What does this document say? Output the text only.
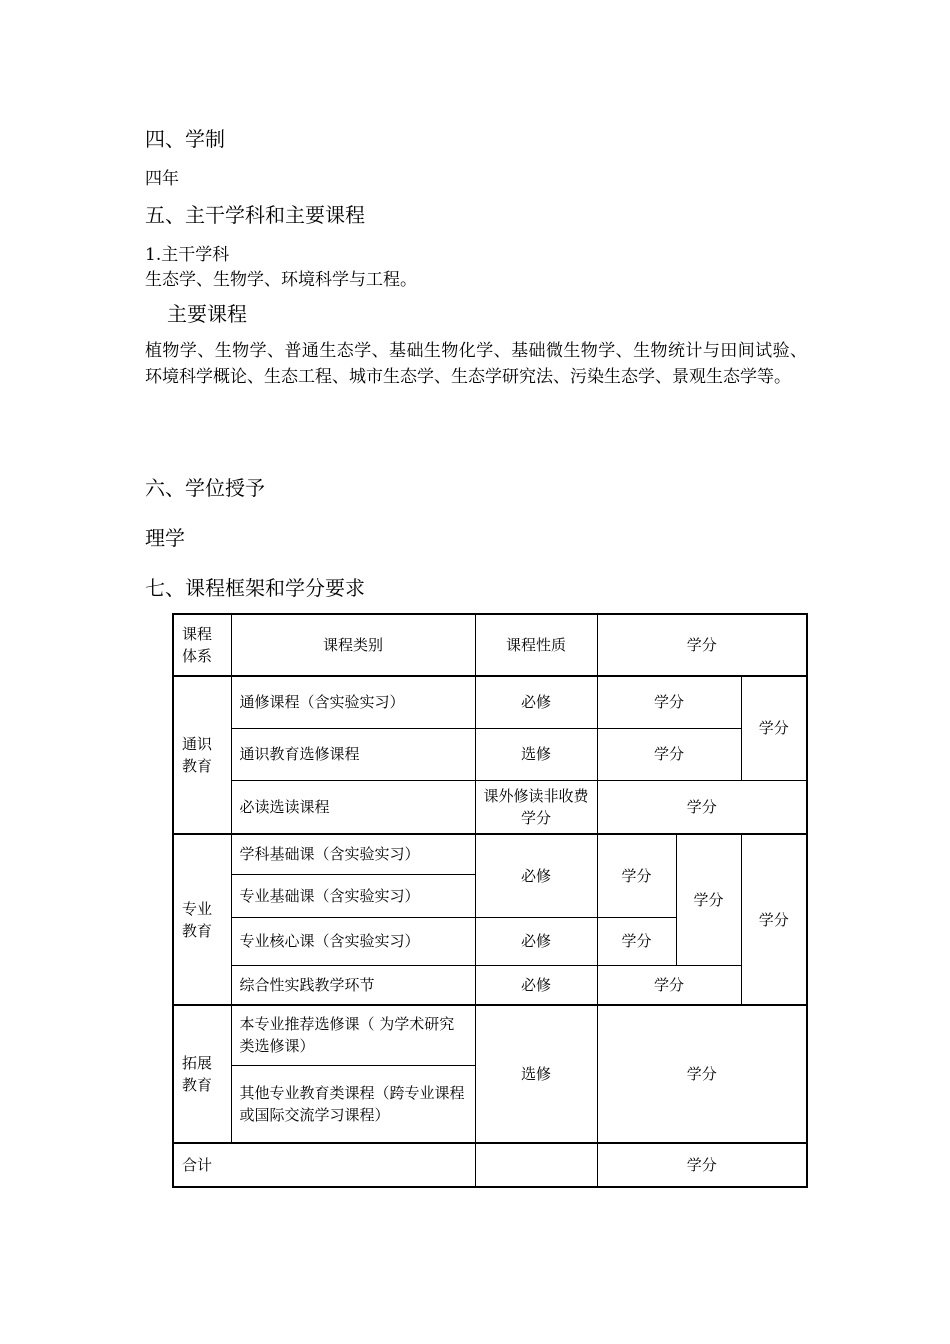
四、学制
四年
五、主干学科和主要课程
1.主干学科
生态学、生物学、环境科学与工程。
主要课程
植物学、生物学、普通生态学、基础生物化学、基础微生物学、生物统计与田间试验、环境科学概论、生态工程、城市生态学、生态学研究法、污染生态学、景观生态学等。
六、学位授予
理学
七、课程框架和学分要求
课程体系	课程类别	课程性质	学分		
通识教育	通修课程（含实验实习）	必修	学分		学分
	通识教育选修课程	选修	学分		
	必读选读课程	课外修读非收费学分	学分		
专业教育	学科基础课（含实验实习）	必修	学分	学分	学分
	专业基础课（含实验实习）				
	专业核心课（含实验实习）	必修	学分		
	综合性实践教学环节	必修	学分		
拓展教育	本专业推荐选修课（ 为学术研究类选修课）	选修	学分		
	其他专业教育类课程（跨专业课程或国际交流学习课程）				
合计			学分		
